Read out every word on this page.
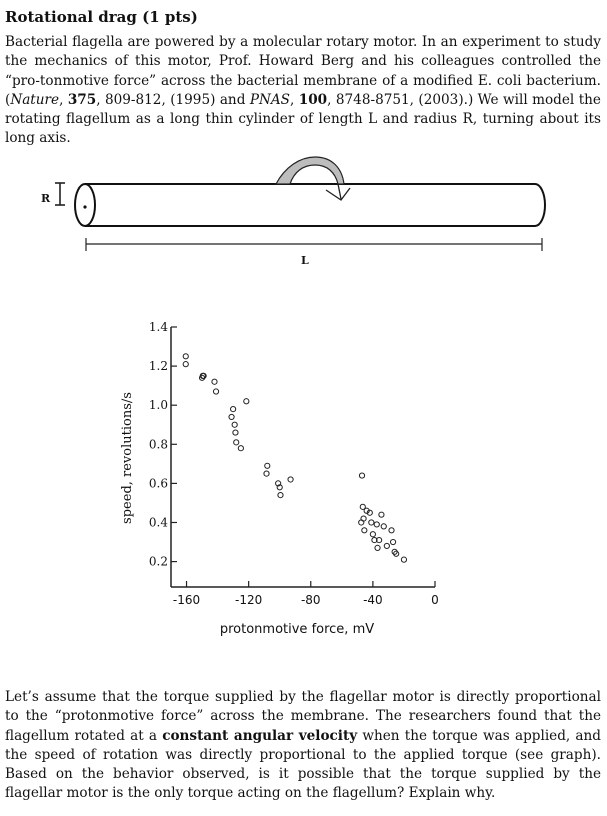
Rotational drag (1 pts)
Bacterial flagella are powered by a molecular rotary motor. In an experiment to study the mechanics of this motor, Prof. Howard Berg and his colleagues controlled the “pro-tonmotive force” across the bacterial membrane of a modified E. coli bacterium. (Nature, 375, 809-812, (1995) and PNAS, 100, 8748-8751, (2003).) We will model the rotating flagellum as a long thin cylinder of length L and radius R, turning about its long axis.
R
L
0.2
0.4
0.6
0.8
1.0
1.2
1.4
-160	-120	-80	-40	0
speed, revolutions/s
protonmotive force, mV
Let’s assume that the torque supplied by the flagellar motor is directly proportional to the “protonmotive force” across the membrane. The researchers found that the flagellum rotated at a constant angular velocity when the torque was applied, and the speed of rotation was directly proportional to the applied torque (see graph). Based on the behavior observed, is it possible that the torque supplied by the flagellar motor is the only torque acting on the flagellum? Explain why.
